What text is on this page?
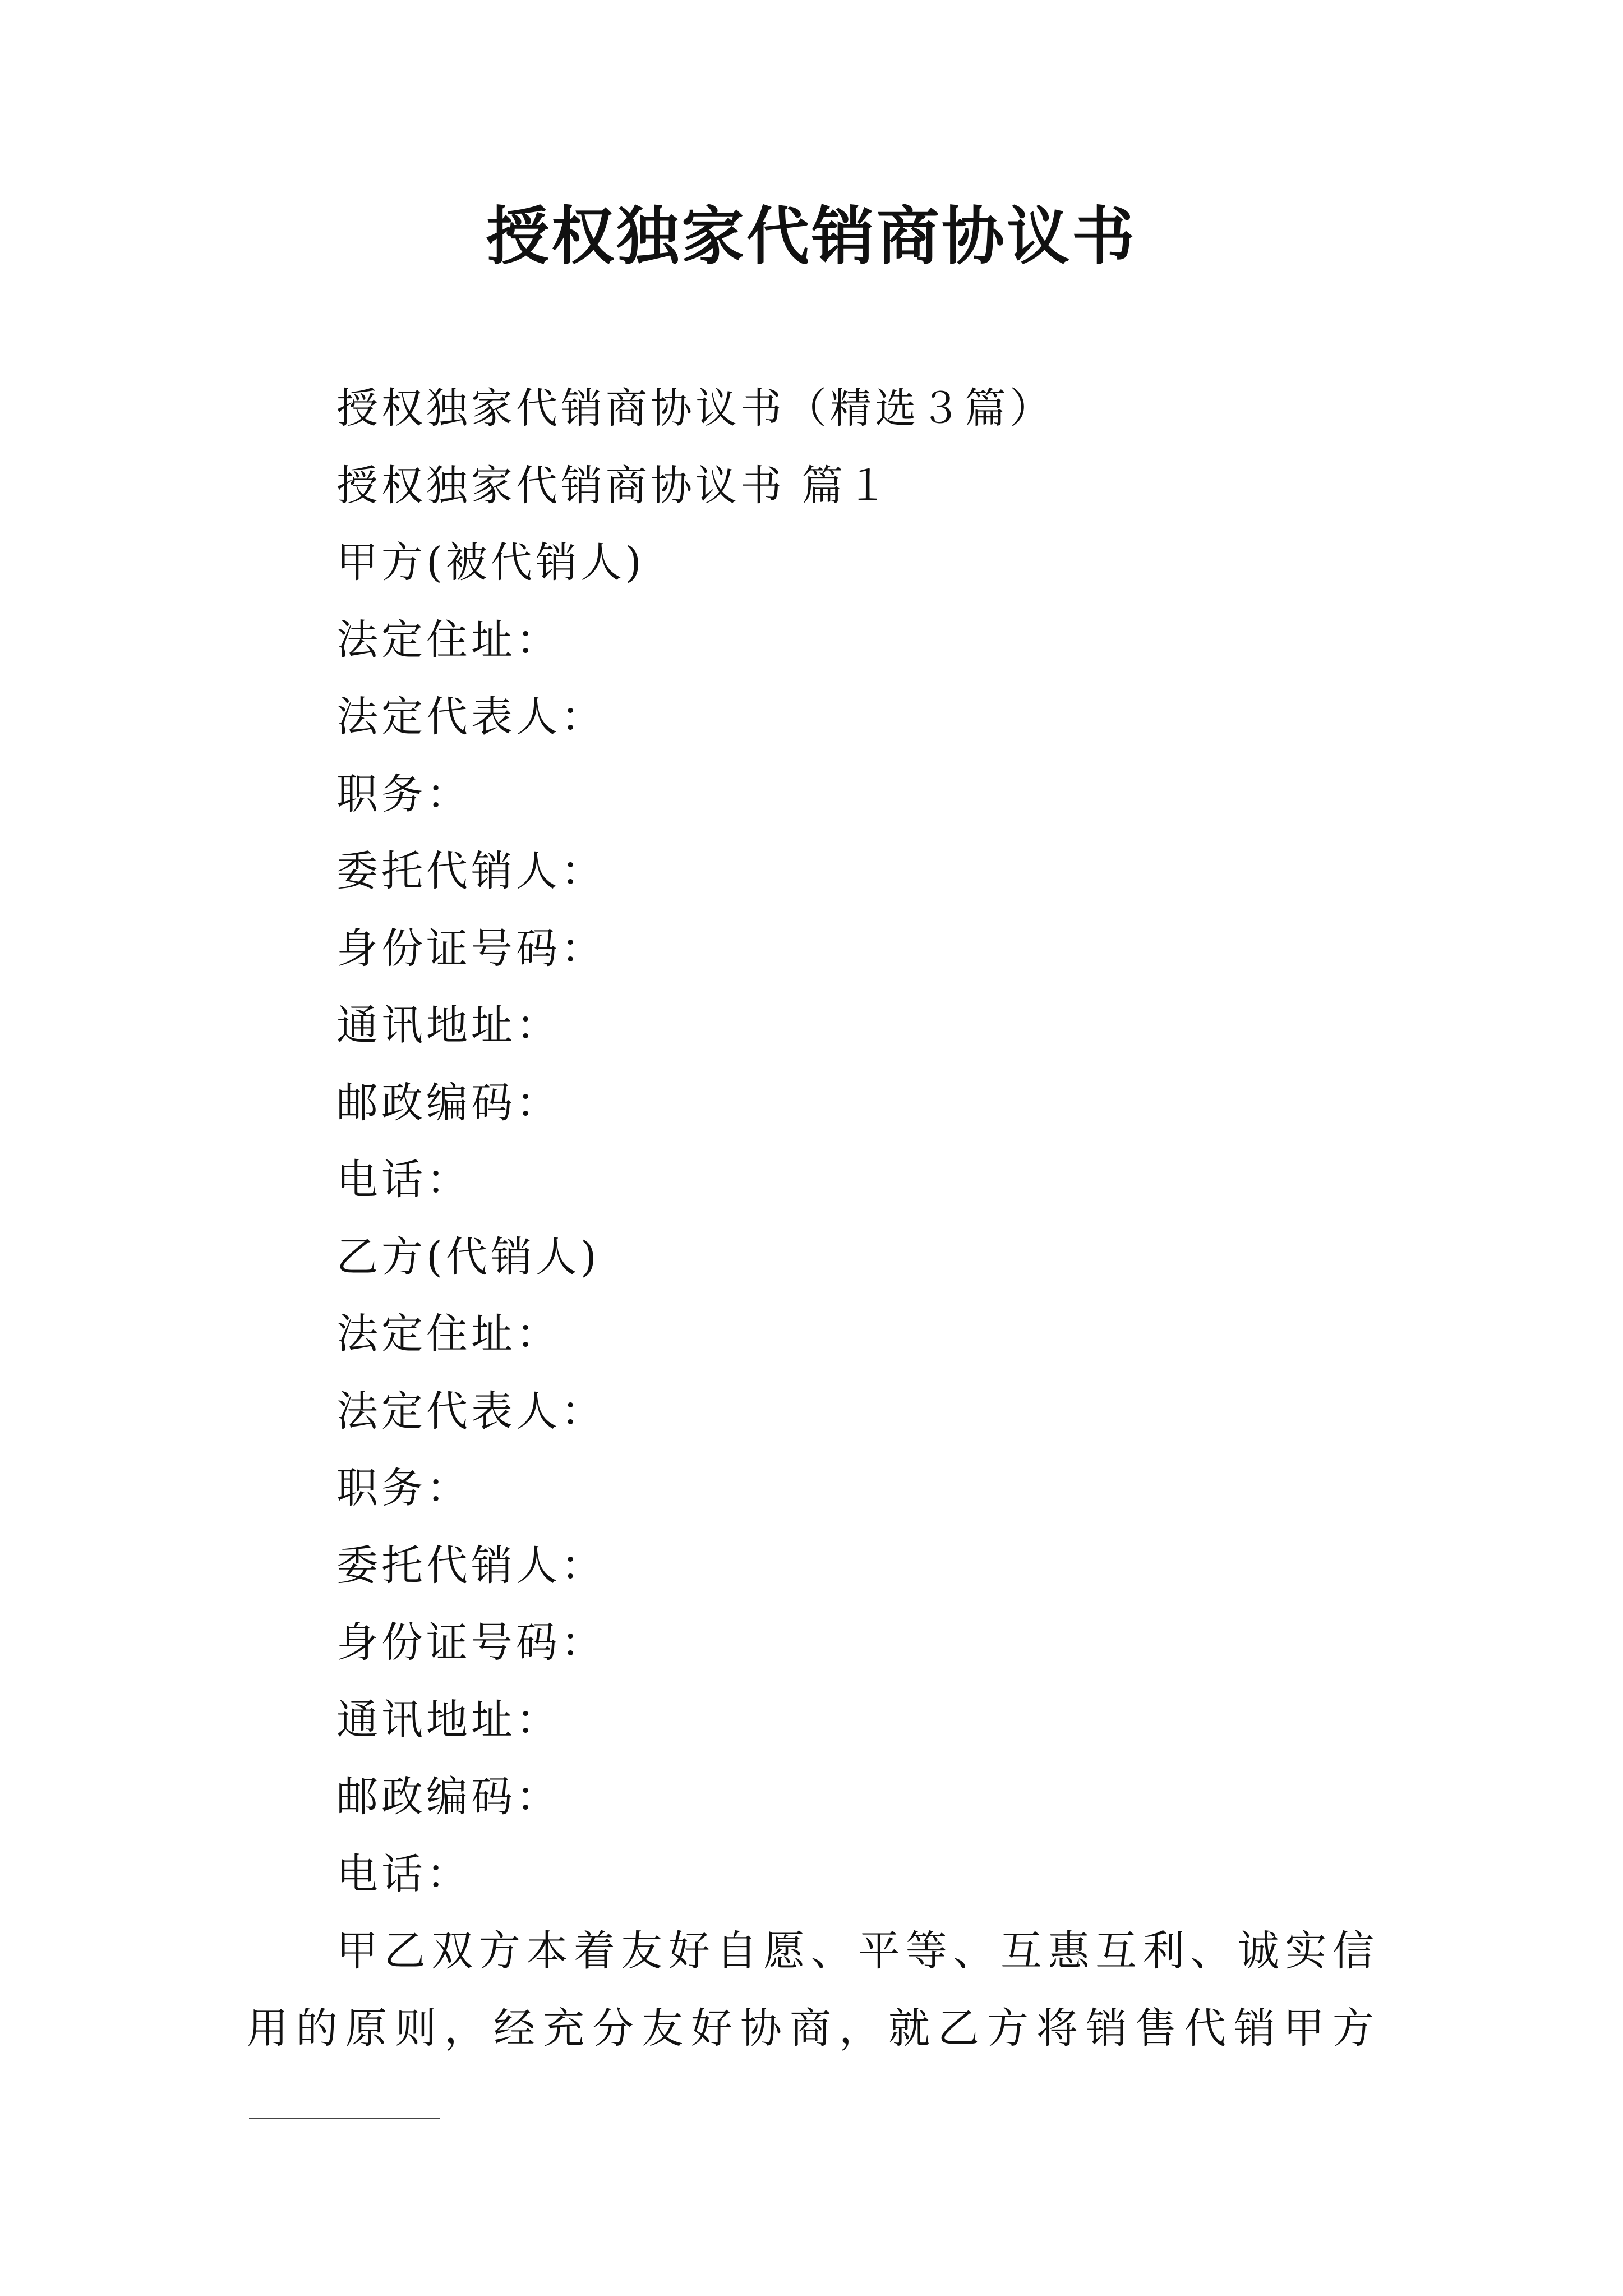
授权独家代销商协议书
授权独家代销商协议书（精选３篇）
授权独家代销商协议书 篇１
甲方(被代销人)
法定住址：
法定代表人：
职务：
委托代销人：
身份证号码：
通讯地址：
邮政编码：
电话：
乙方(代销人)
法定住址：
法定代表人：
职务：
委托代销人：
身份证号码：
通讯地址：
邮政编码：
电话：
甲乙双方本着友好自愿、平等、互惠互利、诚实信用的原则，经充分友好协商，就乙方将销售代销甲方
